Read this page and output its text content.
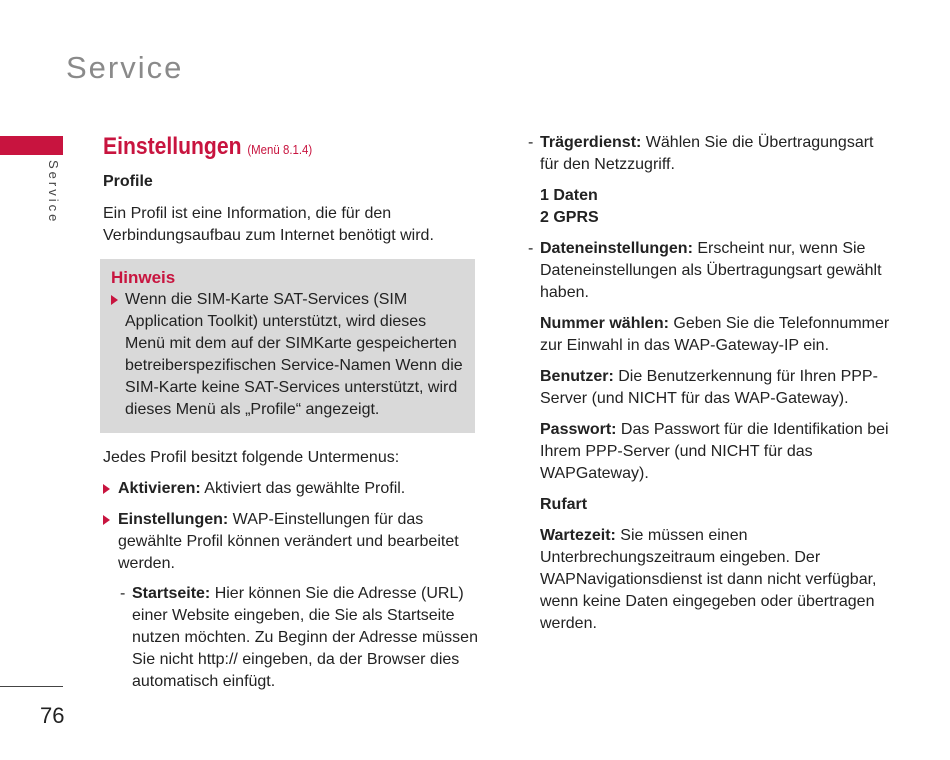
Service
Service
76
Einstellungen (Menü 8.1.4)
Profile
Ein Profil ist eine Information, die für den Verbindungsaufbau zum Internet benötigt wird.
Hinweis
Wenn die SIM-Karte SAT-Services (SIM Application Toolkit) unterstützt, wird dieses Menü mit dem auf der SIMKarte gespeicherten betreiberspezifischen Service-Namen Wenn die SIM-Karte keine SAT-Services unterstützt, wird dieses Menü als „Profile“ angezeigt.
Jedes Profil besitzt folgende Untermenus:
Aktivieren: Aktiviert das gewählte Profil.
Einstellungen: WAP-Einstellungen für das gewählte Profil können verändert und bearbeitet werden.
- Startseite: Hier können Sie die Adresse (URL) einer Website eingeben, die Sie als Startseite nutzen möchten. Zu Beginn der Adresse müssen Sie nicht http:// eingeben, da der Browser dies automatisch einfügt.
- Trägerdienst: Wählen Sie die Übertragungsart für den Netzzugriff.
1 Daten
2 GPRS
- Dateneinstellungen: Erscheint nur, wenn Sie Dateneinstellungen als Übertragungsart gewählt haben.
Nummer wählen: Geben Sie die Telefonnummer zur Einwahl in das WAP-Gateway-IP ein.
Benutzer: Die Benutzerkennung für Ihren PPP-Server (und NICHT für das WAP-Gateway).
Passwort: Das Passwort für die Identifikation bei Ihrem PPP-Server (und NICHT für das WAPGateway).
Rufart
Wartezeit: Sie müssen einen Unterbrechungszeitraum eingeben. Der WAPNavigationsdienst ist dann nicht verfügbar, wenn keine Daten eingegeben oder übertragen werden.
